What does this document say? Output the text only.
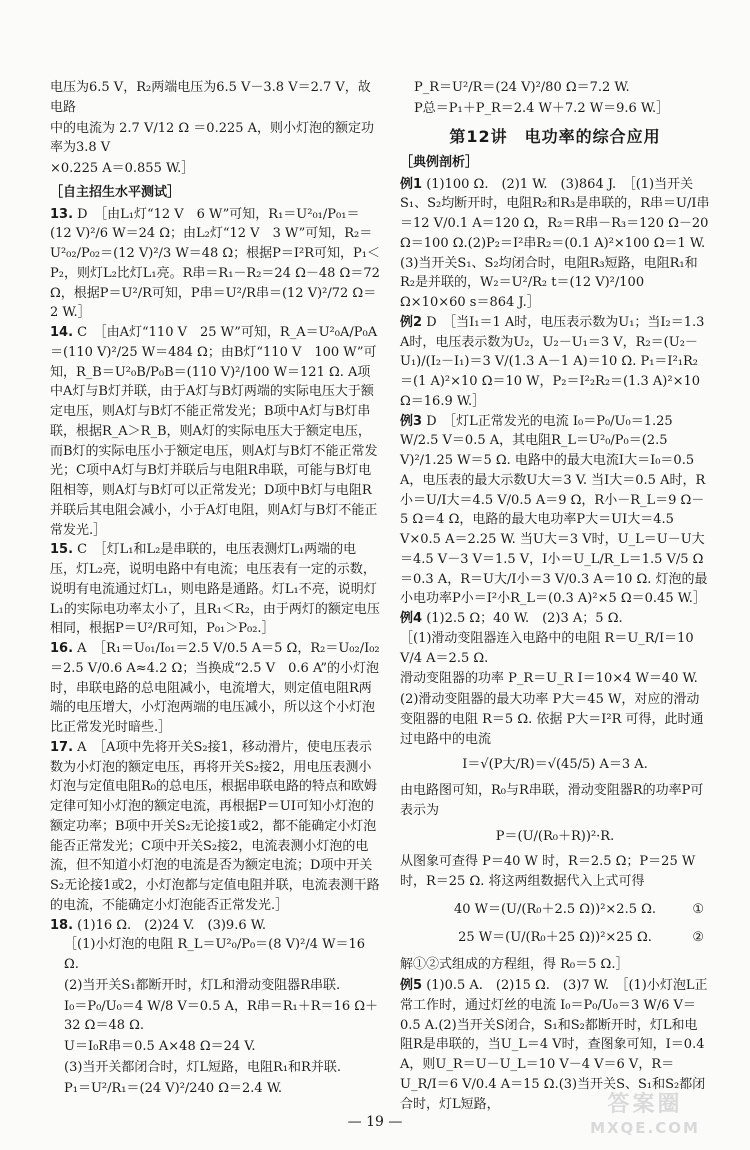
电压为6.5 V，R₂两端电压为6.5 V－3.8 V＝2.7 V，故电路

中的电流为 2.7 V/12 Ω ＝0.225 A，则小灯泡的额定功率为3.8 V

×0.225 A＝0.855 W.］

［自主招生水平测试］
13. D　［由L₁灯“12 V　6 W”可知，R₁＝U²₀₁/P₀₁＝(12 V)²/6 W＝24 Ω；由L₂灯“12 V　3 W”可知，R₂＝U²₀₂/P₀₂＝(12 V)²/3 W＝48 Ω；根据P＝I²R可知，P₁＜P₂，则灯L₂比灯L₁亮。R串＝R₁－R₂＝24 Ω－48 Ω＝72 Ω，根据P＝U²/R可知，P串＝U²/R串＝(12 V)²/72 Ω＝2 W.］
14. C　［由A灯“110 V　25 W”可知，R_A＝U²₀A/P₀A＝(110 V)²/25 W＝484 Ω；由B灯“110 V　100 W”可知，R_B＝U²₀B/P₀B＝(110 V)²/100 W＝121 Ω. A项中A灯与B灯并联，由于A灯与B灯两端的实际电压大于额定电压，则A灯与B灯不能正常发光；B项中A灯与B灯串联，根据R_A＞R_B，则A灯的实际电压大于额定电压，而B灯的实际电压小于额定电压，则A灯与B灯不能正常发光；C项中A灯与B灯并联后与电阻R串联，可能与B灯电阻相等，则A灯与B灯可以正常发光；D项中B灯与电阻R并联后其电阻会减小，小于A灯电阻，则A灯与B灯不能正常发光.］
15. C　［灯L₁和L₂是串联的，电压表测灯L₁两端的电压，灯L₂亮，说明电路中有电流；电压表有一定的示数，说明有电流通过灯L₁，则电路是通路。灯L₁不亮，说明灯L₁的实际电功率太小了，且R₁＜R₂，由于两灯的额定电压相同，根据P＝U²/R可知，P₀₁＞P₀₂.］
16. A　［R₁＝U₀₁/I₀₁＝2.5 V/0.5 A＝5 Ω，R₂＝U₀₂/I₀₂＝2.5 V/0.6 A≈4.2 Ω；当换成“2.5 V　0.6 A”的小灯泡时，串联电路的总电阻减小，电流增大，则定值电阻R两端的电压增大，小灯泡两端的电压减小，所以这个小灯泡比正常发光时暗些.］
17. A　［A项中先将开关S₂接1，移动滑片，使电压表示数为小灯泡的额定电压，再将开关S₂接2，用电压表测小灯泡与定值电阻R₀的总电压，根据串联电路的特点和欧姆定律可知小灯泡的额定电流，再根据P＝UI可知小灯泡的额定功率；B项中开关S₂无论接1或2，都不能确定小灯泡能否正常发光；C项中开关S₂接2，电流表测小灯泡的电流，但不知道小灯泡的电流是否为额定电流；D项中开关S₂无论接1或2，小灯泡都与定值电阻并联，电流表测干路的电流，不能确定小灯泡能否正常发光.］
18. (1)16 Ω.　(2)24 V.　(3)9.6 W.

［(1)小灯泡的电阻 R_L＝U²₀/P₀＝(8 V)²/4 W＝16 Ω.

(2)当开关S₁都断开时，灯L和滑动变阻器R串联.

I₀＝P₀/U₀＝4 W/8 V＝0.5 A，R串＝R₁＋R＝16 Ω＋32 Ω＝48 Ω.

U＝I₀R串＝0.5 A×48 Ω＝24 V.

(3)当开关都闭合时，灯L短路，电阻R₁和R并联.

P₁＝U²/R₁＝(24 V)²/240 Ω＝2.4 W.

P_R＝U²/R＝(24 V)²/80 Ω＝7.2 W.

P总＝P₁＋P_R＝2.4 W＋7.2 W＝9.6 W.］

第12讲　电功率的综合应用
［典例剖析］
例1 (1)100 Ω.　(2)1 W.　(3)864 J.　［(1)当开关S₁、S₂均断开时，电阻R₂和R₃是串联的，R串＝U/I串＝12 V/0.1 A＝120 Ω，R₂＝R串－R₃＝120 Ω－20 Ω＝100 Ω.(2)P₂＝I²串R₂＝(0.1 A)²×100 Ω＝1 W.(3)当开关S₁、S₂均闭合时，电阻R₃短路，电阻R₁和R₂是并联的，W₂＝U²/R₂ t＝(12 V)²/100 Ω×10×60 s＝864 J.］
例2 D　［当I₁＝1 A时，电压表示数为U₁；当I₂＝1.3 A时，电压表示数为U₂，U₂－U₁＝3 V，R₂＝(U₂－U₁)/(I₂－I₁)＝3 V/(1.3 A－1 A)＝10 Ω. P₁＝I²₁R₂＝(1 A)²×10 Ω＝10 W，P₂＝I²₂R₂＝(1.3 A)²×10 Ω＝16.9 W.］
例3 D　［灯L正常发光的电流 I₀＝P₀/U₀＝1.25 W/2.5 V＝0.5 A，其电阻R_L＝U²₀/P₀＝(2.5 V)²/1.25 W＝5 Ω. 电路中的最大电流I大＝I₀＝0.5 A，电压表的最大示数U大＝3 V. 当I大＝0.5 A时，R小＝U/I大＝4.5 V/0.5 A＝9 Ω，R小－R_L＝9 Ω－5 Ω＝4 Ω，电路的最大电功率P大＝UI大＝4.5 V×0.5 A＝2.25 W. 当U大＝3 V时，U_L＝U－U大＝4.5 V－3 V＝1.5 V，I小＝U_L/R_L＝1.5 V/5 Ω＝0.3 A，R＝U大/I小＝3 V/0.3 A＝10 Ω. 灯泡的最小电功率P小＝I²小R_L＝(0.3 A)²×5 Ω＝0.45 W.］
例4 (1)2.5 Ω；40 W.　(2)3 A；5 Ω.

［(1)滑动变阻器连入电路中的电阻 R＝U_R/I＝10 V/4 A＝2.5 Ω.

滑动变阻器的功率 P_R＝U_R I＝10×4 W＝40 W.

(2)滑动变阻器的最大功率 P大＝45 W，对应的滑动变阻器的电阻 R＝5 Ω. 依据 P大＝I²R 可得，此时通过电路中的电流

I＝√(P大/R)＝√(45/5) A＝3 A.

由电路图可知，R₀与R串联，滑动变阻器R的功率P可表示为

P＝(U/(R₀＋R))²·R.

从图象可查得 P＝40 W 时，R＝2.5 Ω；P＝25 W 时，R＝25 Ω. 将这两组数据代入上式可得

40 W＝(U/(R₀＋2.5 Ω))²×2.5 Ω.	①
25 W＝(U/(R₀＋25 Ω))²×25 Ω.	②

解①②式组成的方程组，得 R₀＝5 Ω.］

例5 (1)0.5 A.　(2)15 Ω.　(3)7 W.　［(1)小灯泡L正常工作时，通过灯丝的电流 I₀＝P₀/U₀＝3 W/6 V＝0.5 A.(2)当开关S闭合，S₁和S₂都断开时，灯L和电阻R是串联的，当U_L＝4 V时，查图象可知，I＝0.4 A，则U_R＝U－U_L＝10 V－4 V＝6 V，R＝U_R/I＝6 V/0.4 A＝15 Ω.(3)当开关S、S₁和S₂都闭合时，灯L短路，
— 19 —
答案圈
MXQE.COM
